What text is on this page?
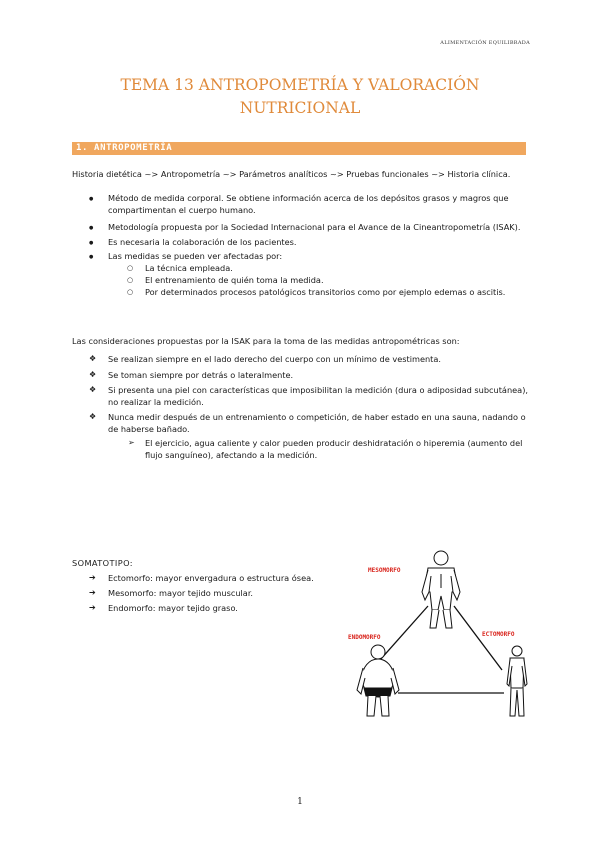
ALIMENTACIÓN EQUILIBRADA
TEMA 13 ANTROPOMETRÍA Y VALORACIÓN
NUTRICIONAL
1. ANTROPOMETRÍA
Historia dietética ~> Antropometría ~> Parámetros analíticos ~> Pruebas funcionales ~> Historia clínica.
● Método de medida corporal. Se obtiene información acerca de los depósitos grasos y magros que
compartimentan el cuerpo humano.
● Metodología propuesta por la Sociedad Internacional para el Avance de la Cineantropometría (ISAK).
● Es necesaria la colaboración de los pacientes.
● Las medidas se pueden ver afectadas por:
○ La técnica empleada.
○ El entrenamiento de quién toma la medida.
○ Por determinados procesos patológicos transitorios como por ejemplo edemas o ascitis.
Las consideraciones propuestas por la ISAK para la toma de las medidas antropométricas son:
❖ Se realizan siempre en el lado derecho del cuerpo con un mínimo de vestimenta.
❖ Se toman siempre por detrás o lateralmente.
❖ Si presenta una piel con características que imposibilitan la medición (dura o adiposidad subcutánea),
no realizar la medición.
❖ Nunca medir después de un entrenamiento o competición, de haber estado en una sauna, nadando o
de haberse bañado.
➢ El ejercicio, agua caliente y calor pueden producir deshidratación o hiperemia (aumento del
flujo sanguíneo), afectando a la medición.
SOMATOTIPO:
➔ Ectomorfo: mayor envergadura o estructura ósea.
➔ Mesomorfo: mayor tejido muscular.
➔ Endomorfo: mayor tejido graso.
MESOMORFO
ENDOMORFO	ECTOMORFO
1
